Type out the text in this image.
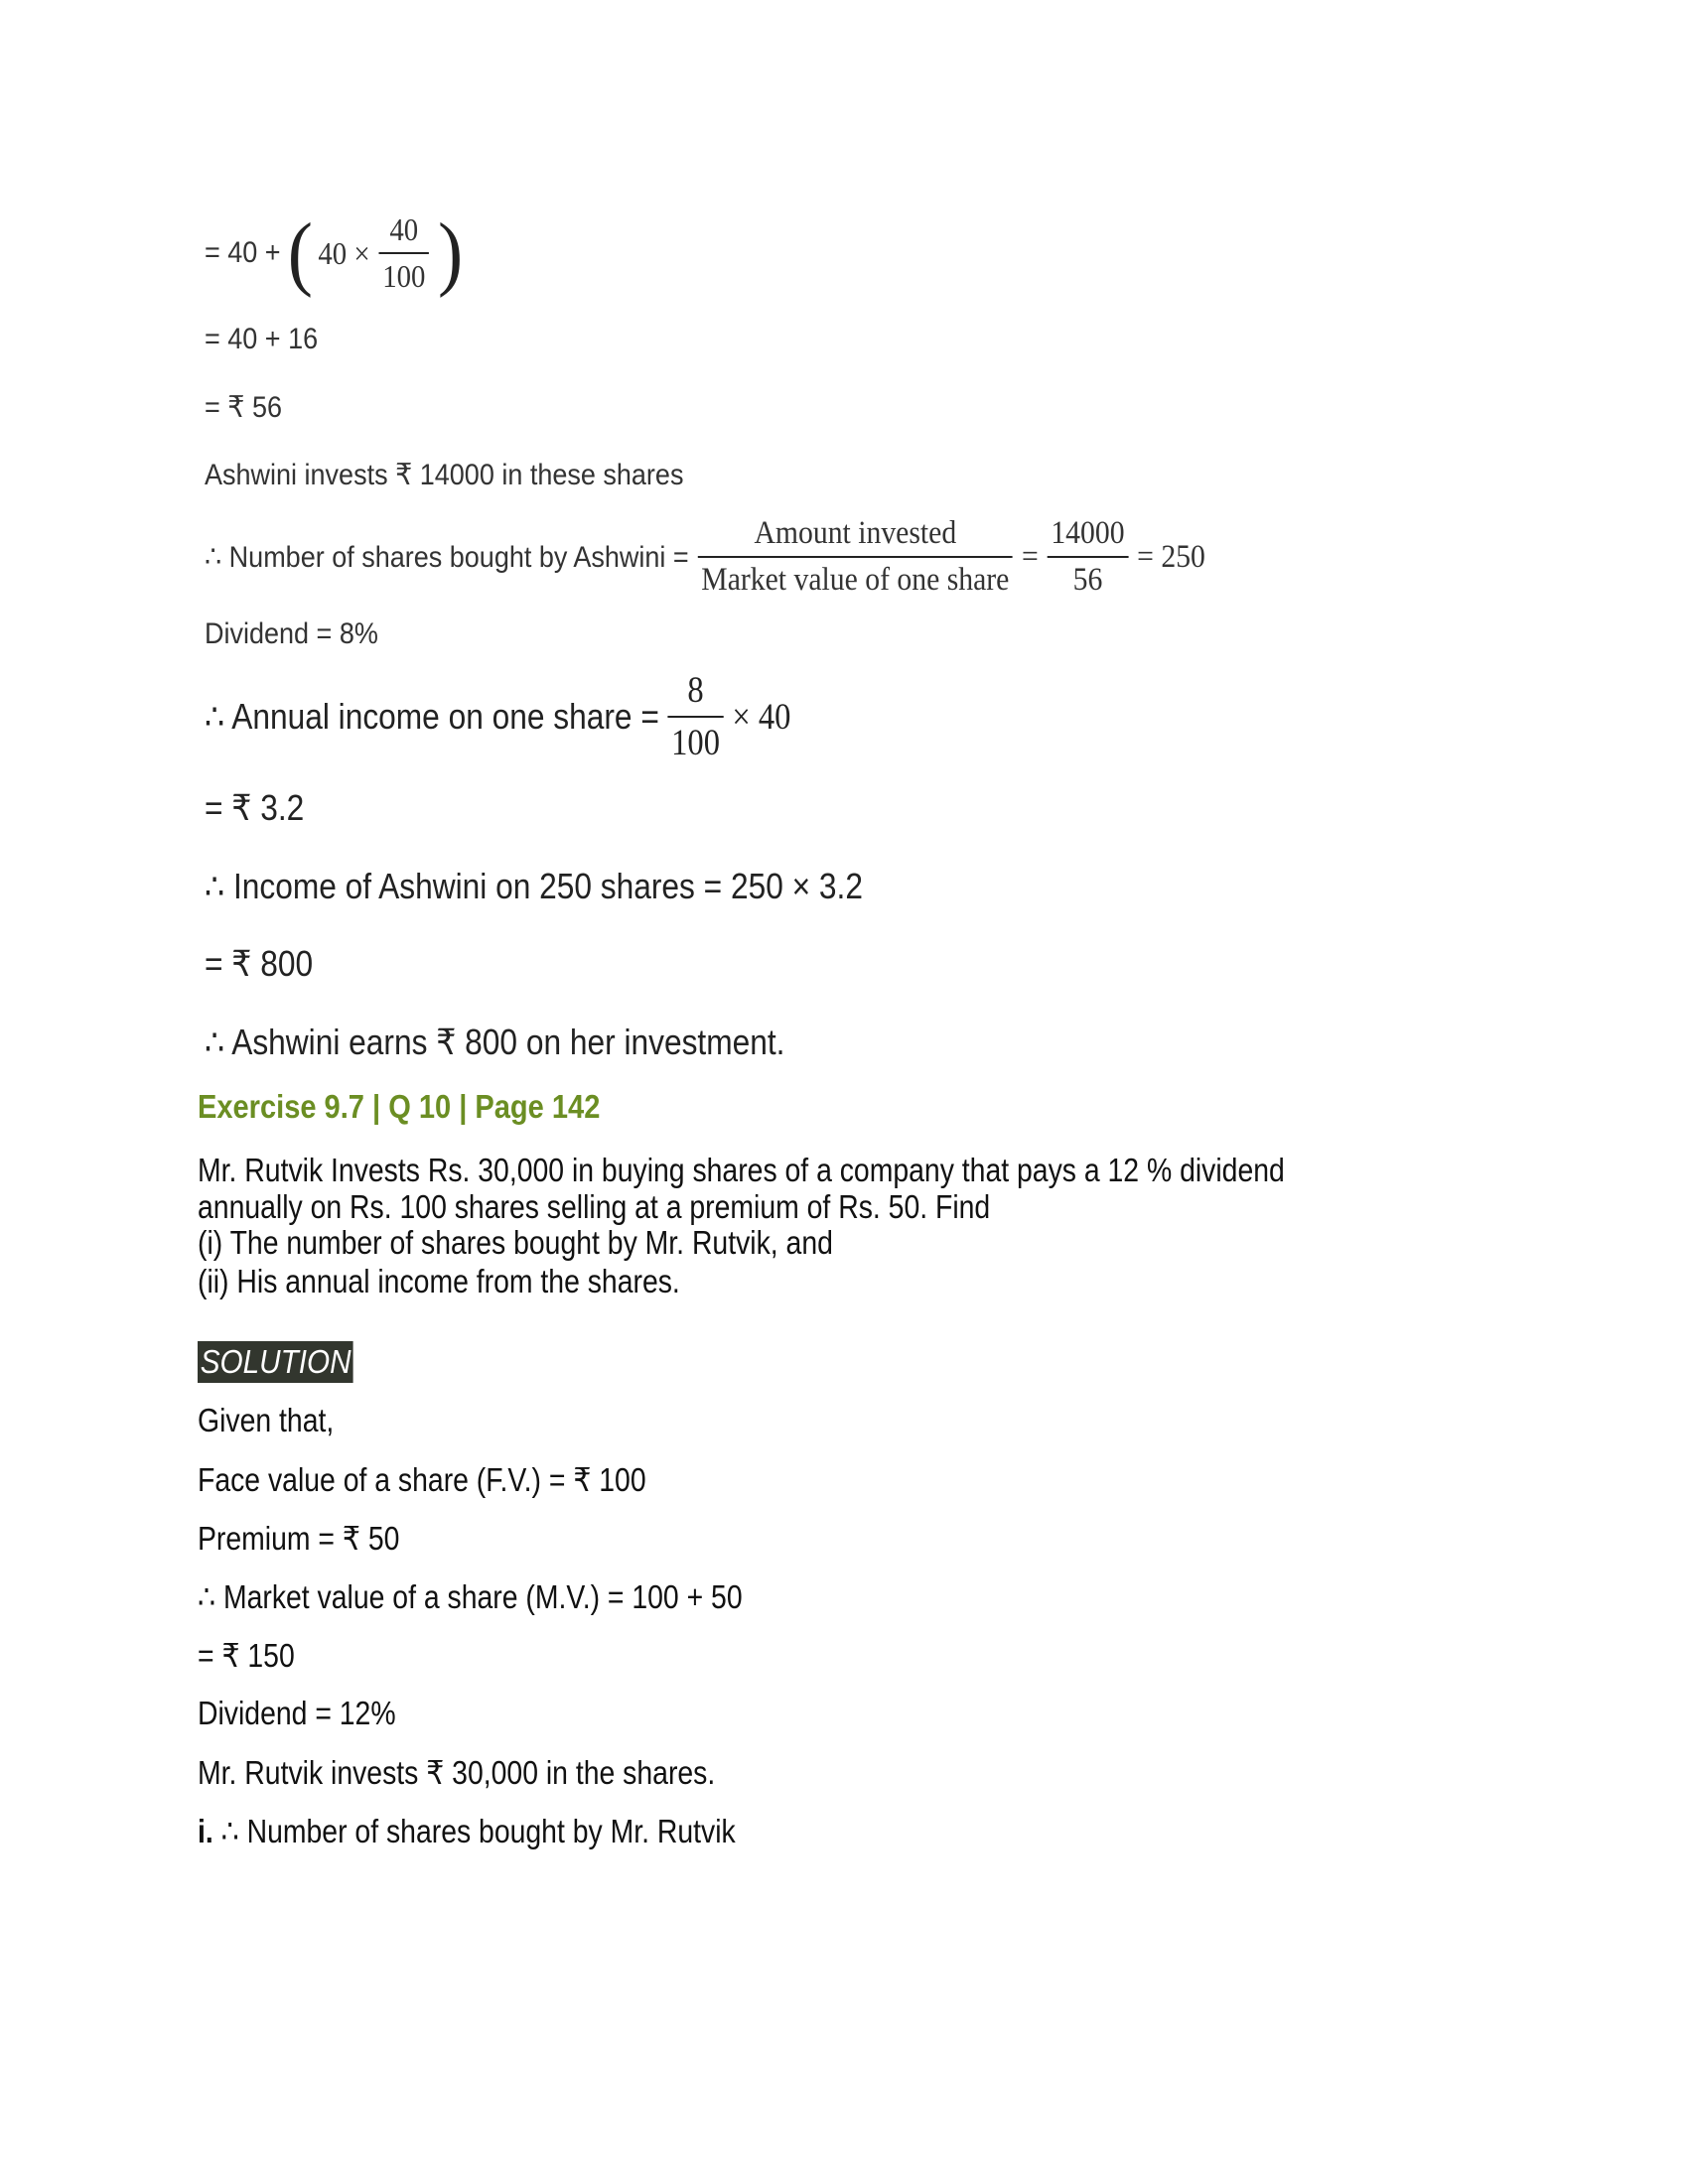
= 40 + ( $40 \times \frac{40}{100}$ )
= 40 + 16
= ₹ 56
Ashwini invests ₹ 14000 in these shares
∴ Number of shares bought by Ashwini = $\frac{\text{Amount invested}}{\text{Market value of one share}} = \frac{14000}{56} = 250$
Dividend = 8%
∴ Annual income on one share = $\frac{8}{100} \times 40$
= ₹ 3.2
∴ Income of Ashwini on 250 shares = 250 × 3.2
= ₹ 800
∴ Ashwini earns ₹ 800 on her investment.
Exercise 9.7 | Q 10 | Page 142
Mr. Rutvik Invests Rs. 30,000 in buying shares of a company that pays a 12 % dividend
annually on Rs. 100 shares selling at a premium of Rs. 50. Find
(i) The number of shares bought by Mr. Rutvik, and
(ii) His annual income from the shares.
SOLUTION
Given that,
Face value of a share (F.V.) = ₹ 100
Premium = ₹ 50
∴ Market value of a share (M.V.) = 100 + 50
= ₹ 150
Dividend = 12%
Mr. Rutvik invests ₹ 30,000 in the shares.
i. ∴ Number of shares bought by Mr. Rutvik
